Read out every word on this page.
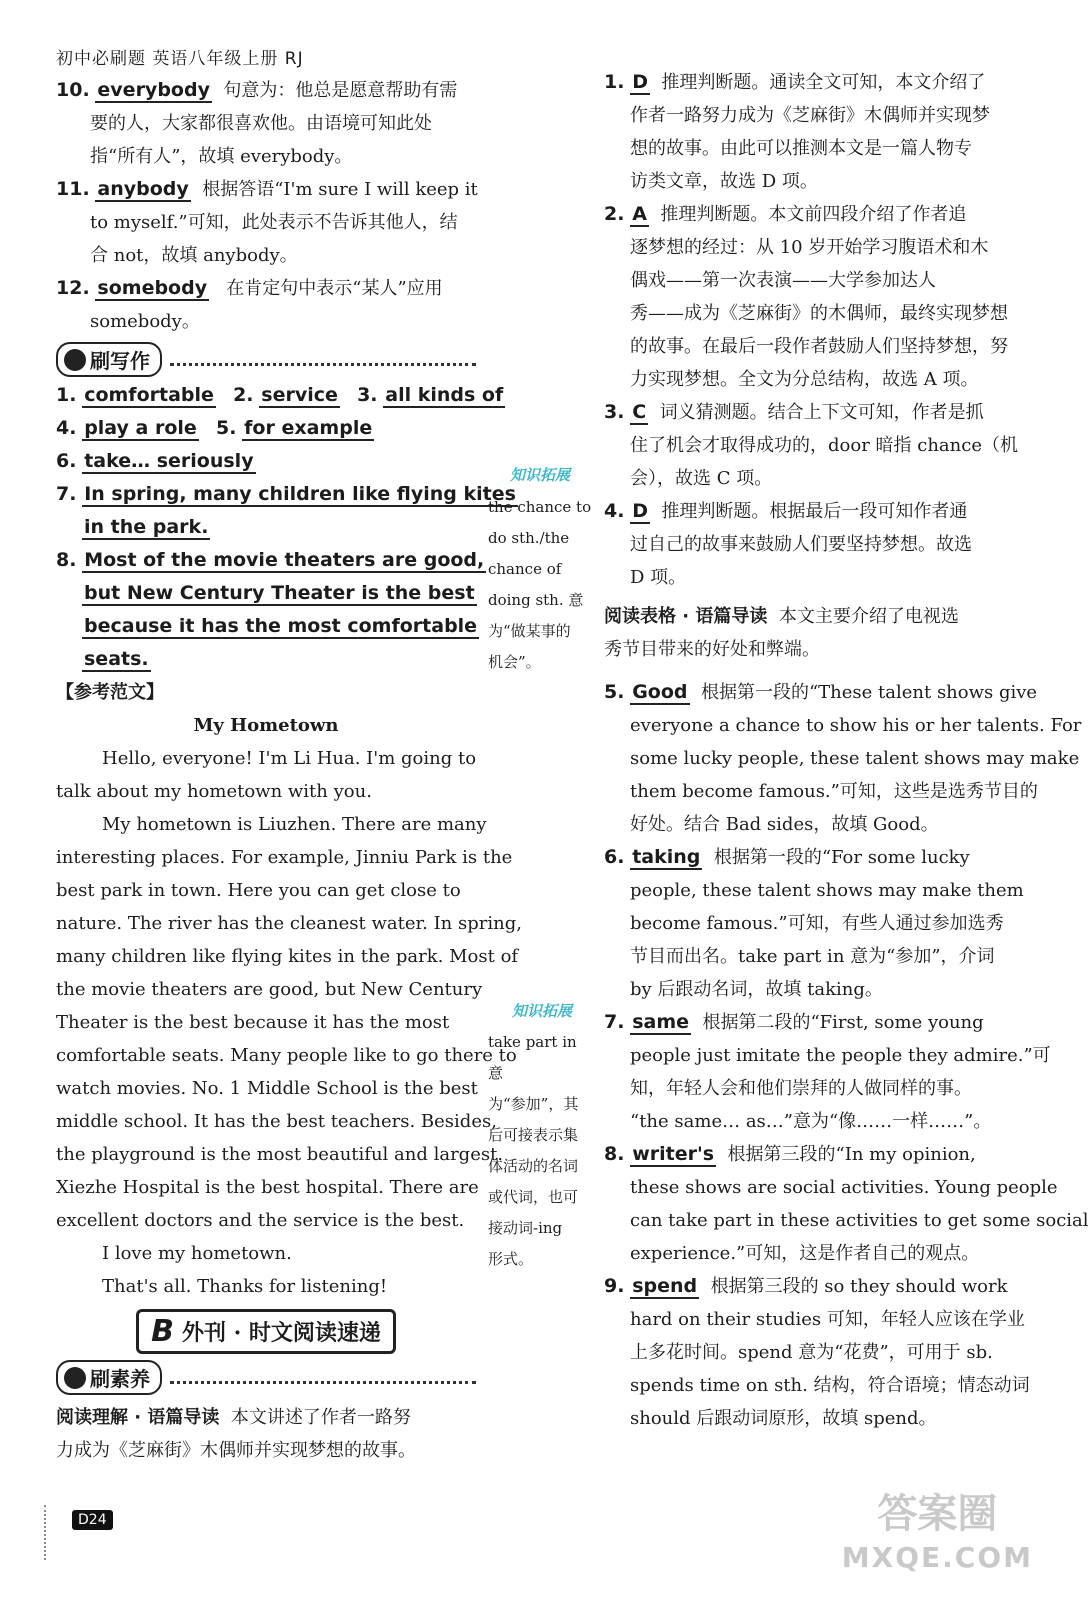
初中必刷题 英语八年级上册 RJ
10. everybody 句意为：他总是愿意帮助有需
要的人，大家都很喜欢他。由语境可知此处
指“所有人”，故填 everybody。
11. anybody 根据答语“I'm sure I will keep it
to myself.”可知，此处表示不告诉其他人，结
合 not，故填 anybody。
12. somebody 在肯定句中表示“某人”应用
somebody。
刷写作
1. comfortable 2. service 3. all kinds of
4. play a role 5. for example
6. take… seriously
7. In spring, many children like flying kites
in the park.
8. Most of the movie theaters are good,
but New Century Theater is the best
because it has the most comfortable
seats.
【参考范文】
My Hometown
Hello, everyone! I'm Li Hua. I'm going to
talk about my hometown with you.
My hometown is Liuzhen. There are many
interesting places. For example, Jinniu Park is the
best park in town. Here you can get close to
nature. The river has the cleanest water. In spring,
many children like flying kites in the park. Most of
the movie theaters are good, but New Century
Theater is the best because it has the most
comfortable seats. Many people like to go there to
watch movies. No. 1 Middle School is the best
middle school. It has the best teachers. Besides,
the playground is the most beautiful and largest.
Xiezhe Hospital is the best hospital. There are
excellent doctors and the service is the best.
I love my hometown.
That's all. Thanks for listening!
B 外刊 · 时文阅读速递
刷素养
阅读理解 · 语篇导读 本文讲述了作者一路努
力成为《芝麻街》木偶师并实现梦想的故事。
知识拓展
the chance to
do sth./the
chance of
doing sth. 意
为“做某事的
机会”。
知识拓展
take part in 意
为“参加”，其
后可接表示集
体活动的名词
或代词，也可
接动词-ing
形式。
1. D 推理判断题。通读全文可知，本文介绍了
作者一路努力成为《芝麻街》木偶师并实现梦
想的故事。由此可以推测本文是一篇人物专
访类文章，故选 D 项。
2. A 推理判断题。本文前四段介绍了作者追
逐梦想的经过：从 10 岁开始学习腹语术和木
偶戏——第一次表演——大学参加达人
秀——成为《芝麻街》的木偶师，最终实现梦想
的故事。在最后一段作者鼓励人们坚持梦想，努
力实现梦想。全文为分总结构，故选 A 项。
3. C 词义猜测题。结合上下文可知，作者是抓
住了机会才取得成功的，door 暗指 chance（机
会），故选 C 项。
4. D 推理判断题。根据最后一段可知作者通
过自己的故事来鼓励人们要坚持梦想。故选
D 项。
阅读表格 · 语篇导读 本文主要介绍了电视选
秀节目带来的好处和弊端。
5. Good 根据第一段的“These talent shows give
everyone a chance to show his or her talents. For
some lucky people, these talent shows may make
them become famous.”可知，这些是选秀节目的
好处。结合 Bad sides，故填 Good。
6. taking 根据第一段的“For some lucky
people, these talent shows may make them
become famous.”可知，有些人通过参加选秀
节目而出名。take part in 意为“参加”，介词
by 后跟动名词，故填 taking。
7. same 根据第二段的“First, some young
people just imitate the people they admire.”可
知，年轻人会和他们崇拜的人做同样的事。
“the same… as…”意为“像……一样……”。
8. writer's 根据第三段的“In my opinion,
these shows are social activities. Young people
can take part in these activities to get some social
experience.”可知，这是作者自己的观点。
9. spend 根据第三段的 so they should work
hard on their studies 可知，年轻人应该在学业
上多花时间。spend 意为“花费”，可用于 sb.
spends time on sth. 结构，符合语境；情态动词
should 后跟动词原形，故填 spend。
D24	答案圈
MXQE.COM
